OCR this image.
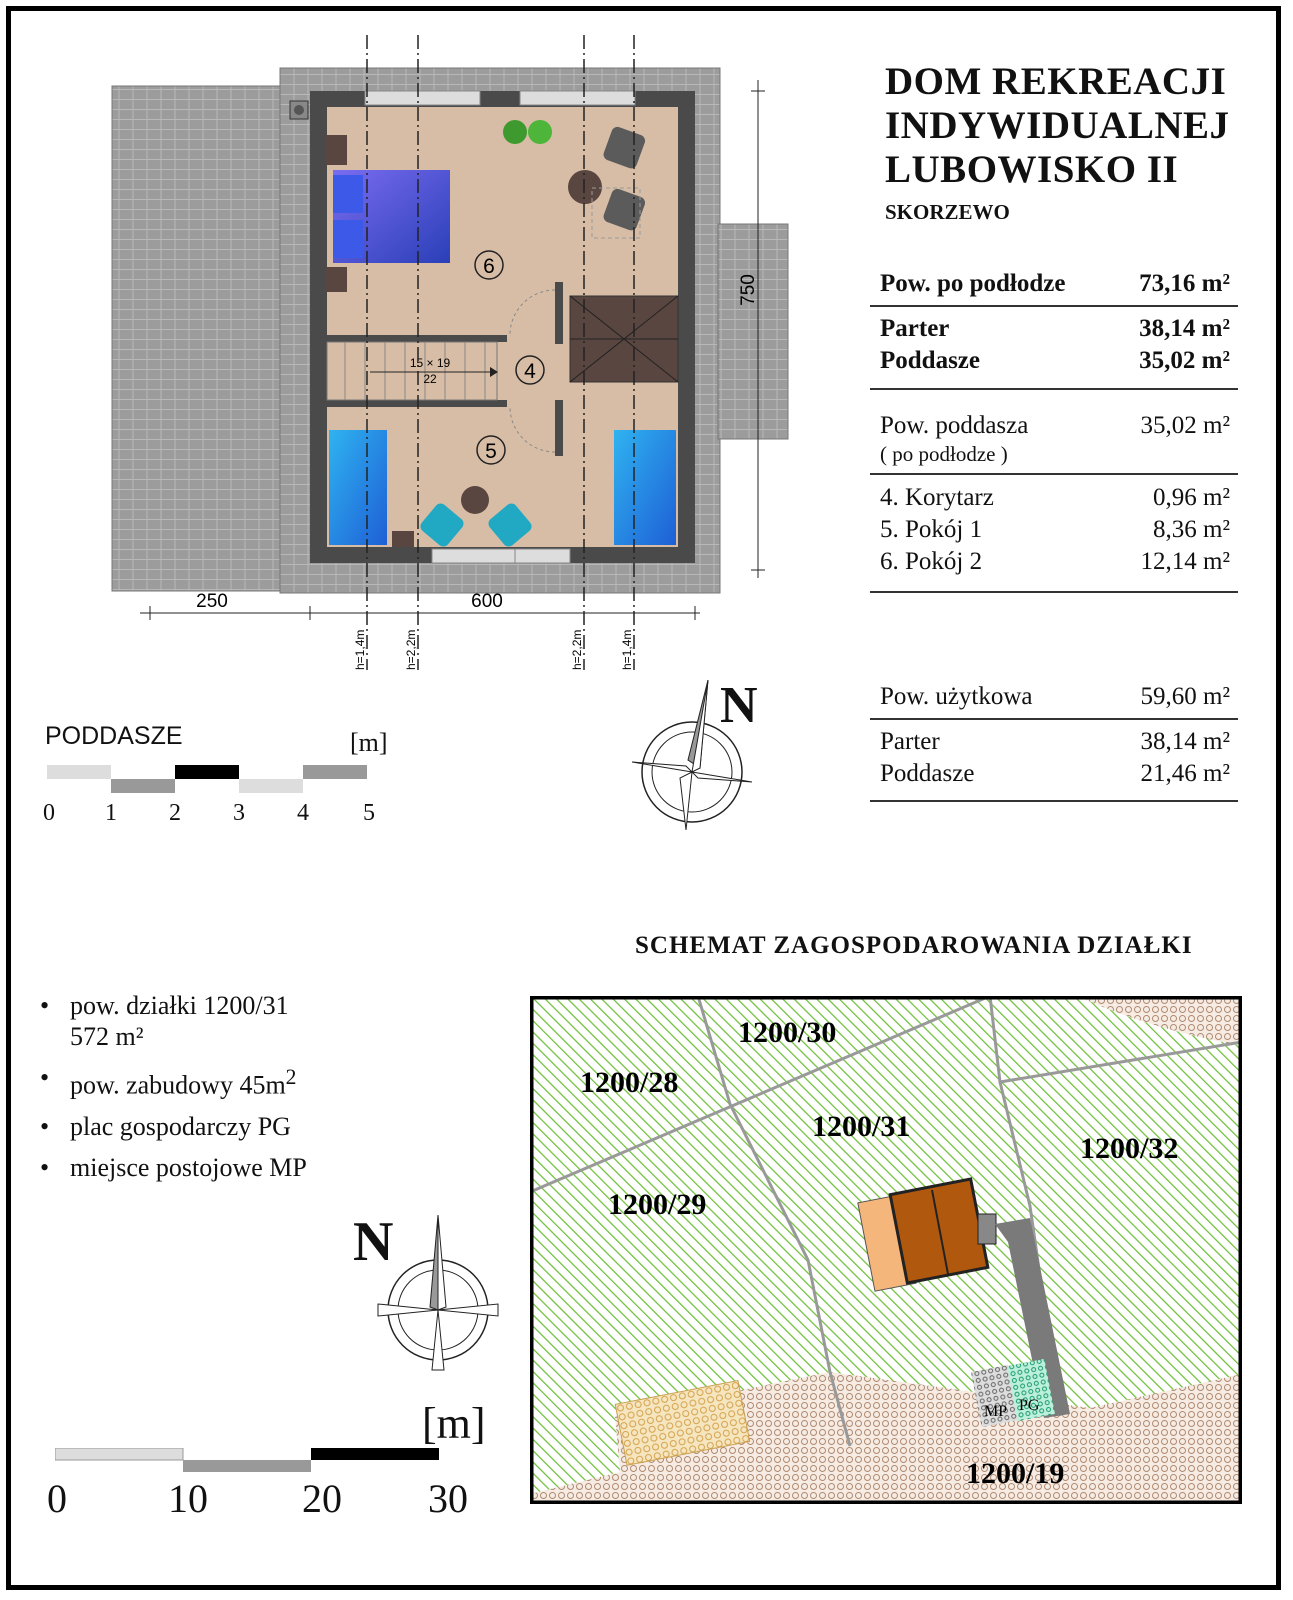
15 × 19
22
6
4
5
h=1,4m	h=2,2m	h=2,2m	h=1,4m
250	600
750
DOM REKREACJI
INDYWIDUALNEJ
LUBOWISKO II
SKORZEWO
Pow. po podłodze	73,16 m²
Parter	38,14 m²
Poddasze	35,02 m²
Pow. poddasza	35,02 m²
( po podłodze )
4. Korytarz	0,96 m²
5. Pokój 1	8,36 m²
6. Pokój 2	12,14 m²
Pow. użytkowa	59,60 m²
Parter	38,14 m²
Poddasze	21,46 m²
PODDASZE	[m]
0 1 2 3 4 5
N
SCHEMAT ZAGOSPODAROWANIA DZIAŁKI
MP PG
1200/30
1200/28
1200/31
1200/32
1200/29
1200/19
• pow. działki 1200/31
572 m²
• pow. zabudowy $45m^2$
• plac gospodarczy PG
• miejsce postojowe MP
N
[m]
0	10 20 30
